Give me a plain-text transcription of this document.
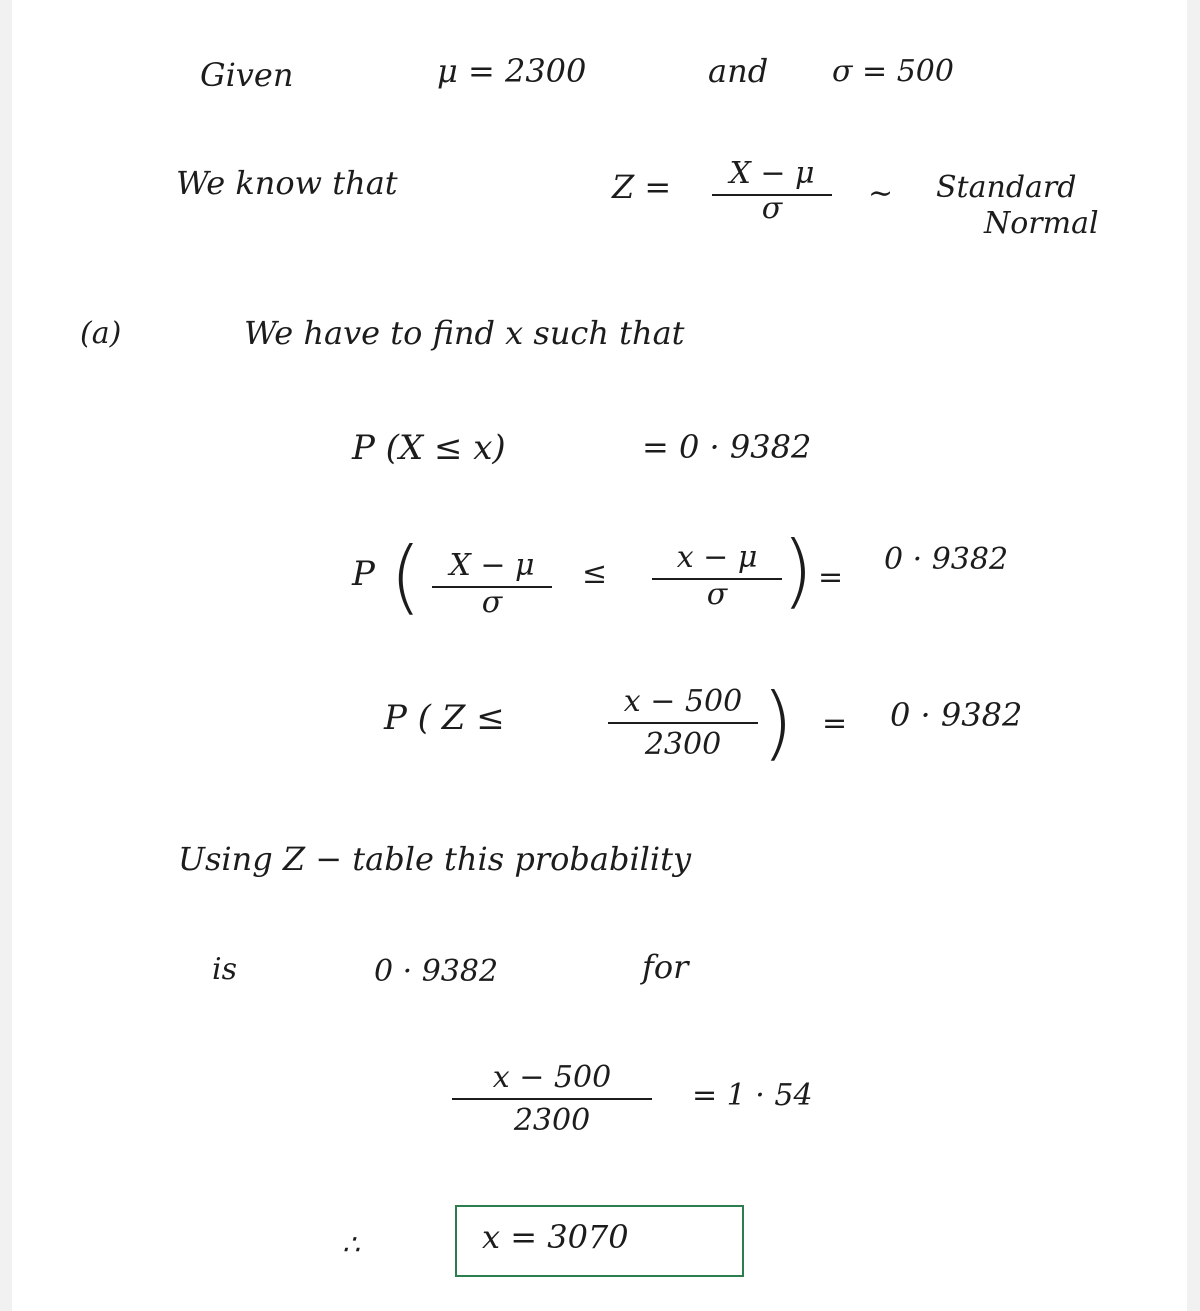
Given	μ = 2300	and σ = 500
We know that	Z = X − μ
σ	∼ Standard
Normal
(a)	We have to find x such that
P (X ≤ x)	= 0 · 9382
P ( X − μ
σ
≤ x − μ
σ ) =
0 · 9382
P ( Z ≤	x − 500
2300 ) = 0 · 9382
Using Z − table this probability
is	0 · 9382	for
x − 500
2300
= 1 · 54
∴	x = 3070
